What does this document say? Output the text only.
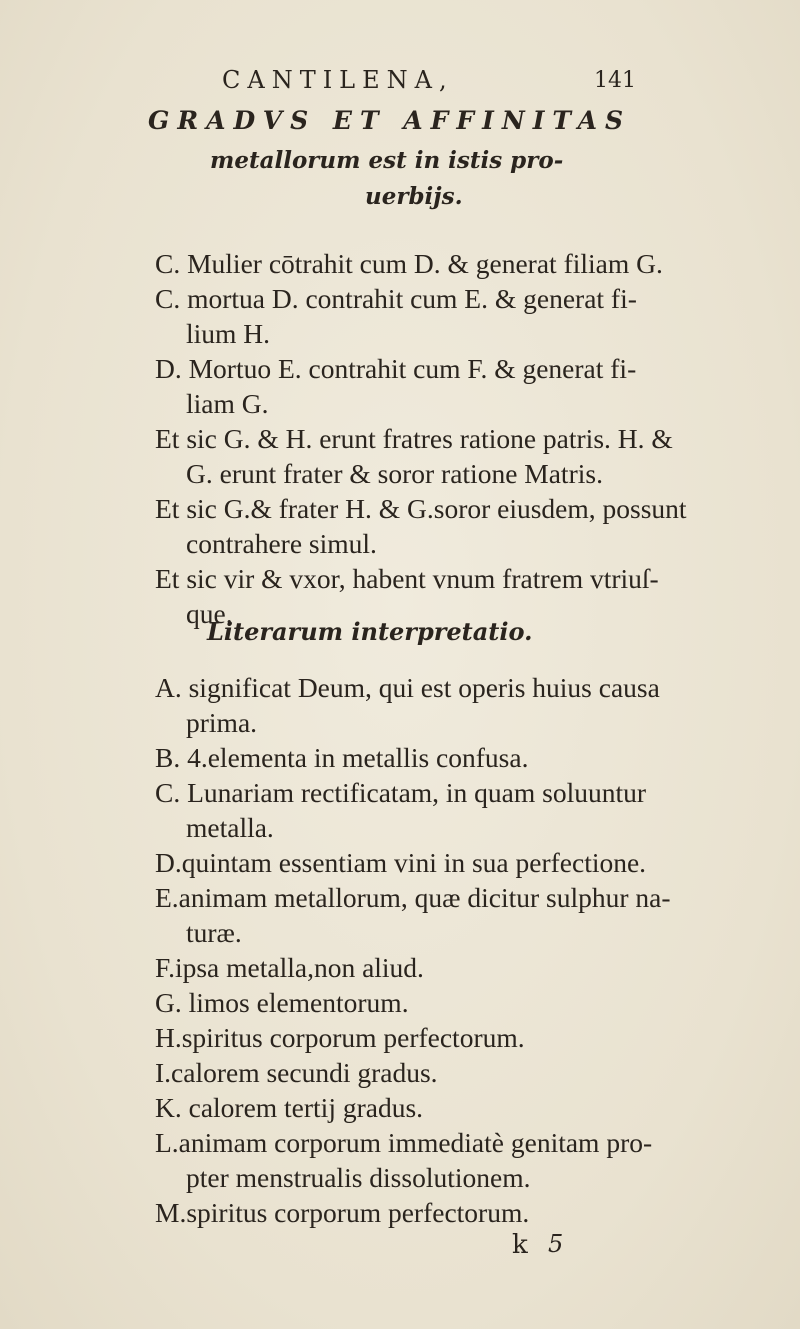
CANTILENA,	141
GRADVS ET AFFINITAS
metallorum est in istis pro-
uerbijs.
C. Mulier cōtrahit cum D. & generat filiam G.
C. mortua D. contrahit cum E. & generat fi-
lium H.
D. Mortuo E. contrahit cum F. & generat fi-
liam G.
Et sic G. & H. erunt fratres ratione patris. H. &
G. erunt frater & soror ratione Matris.
Et sic G.& frater H. & G.soror eiusdem, possunt
contrahere simul.
Et sic vir & vxor, habent vnum fratrem vtriuſ-
que.
Literarum interpretatio.
A. significat Deum, qui est operis huius causa
prima.
B. 4.elementa in metallis confusa.
C. Lunariam rectificatam, in quam soluuntur
metalla.
D.quintam essentiam vini in sua perfectione.
E.animam metallorum, quæ dicitur sulphur na-
turæ.
F.ipsa metalla,non aliud.
G. limos elementorum.
H.spiritus corporum perfectorum.
I.calorem secundi gradus.
K. calorem tertij gradus.
L.animam corporum immediatè genitam pro-
pter menstrualis dissolutionem.
M.spiritus corporum perfectorum.
k 5
